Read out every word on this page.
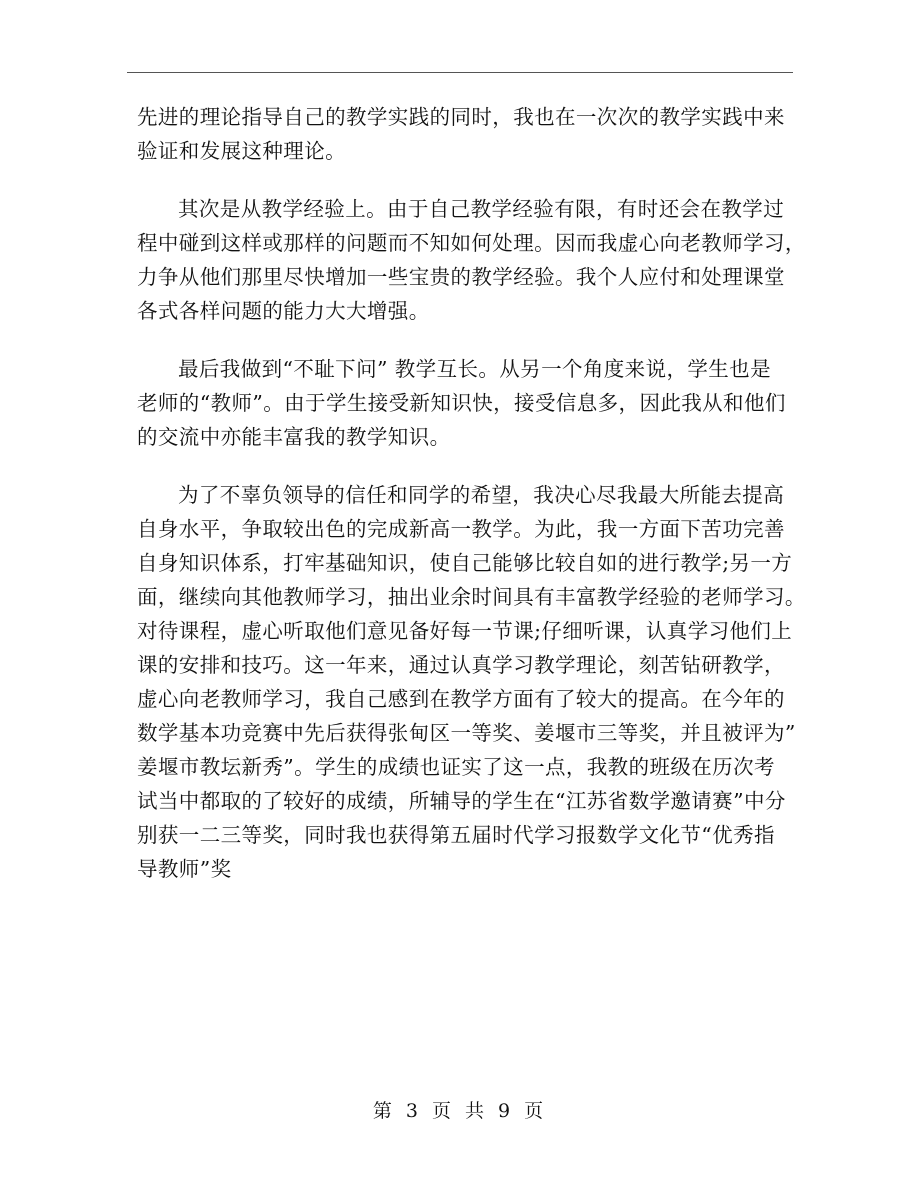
先进的理论指导自己的教学实践的同时，我也在一次次的教学实践中来
验证和发展这种理论。

其次是从教学经验上。由于自己教学经验有限，有时还会在教学过
程中碰到这样或那样的问题而不知如何处理。因而我虚心向老教师学习，
力争从他们那里尽快增加一些宝贵的教学经验。我个人应付和处理课堂
各式各样问题的能力大大增强。

最后我做到“不耻下问” 教学互长。从另一个角度来说，学生也是
老师的“教师”。由于学生接受新知识快，接受信息多，因此我从和他们
的交流中亦能丰富我的教学知识。

为了不辜负领导的信任和同学的希望，我决心尽我最大所能去提高
自身水平，争取较出色的完成新高一教学。为此，我一方面下苦功完善
自身知识体系，打牢基础知识，使自己能够比较自如的进行教学;另一方
面，继续向其他教师学习，抽出业余时间具有丰富教学经验的老师学习。
对待课程，虚心听取他们意见备好每一节课;仔细听课，认真学习他们上
课的安排和技巧。这一年来，通过认真学习教学理论，刻苦钻研教学，
虚心向老教师学习，我自己感到在教学方面有了较大的提高。在今年的
数学基本功竞赛中先后获得张甸区一等奖、姜堰市三等奖，并且被评为”
姜堰市教坛新秀”。学生的成绩也证实了这一点，我教的班级在历次考
试当中都取的了较好的成绩，所辅导的学生在“江苏省数学邀请赛”中分
别获一二三等奖，同时我也获得第五届时代学习报数学文化节“优秀指
导教师”奖

第 3 页 共 9 页
